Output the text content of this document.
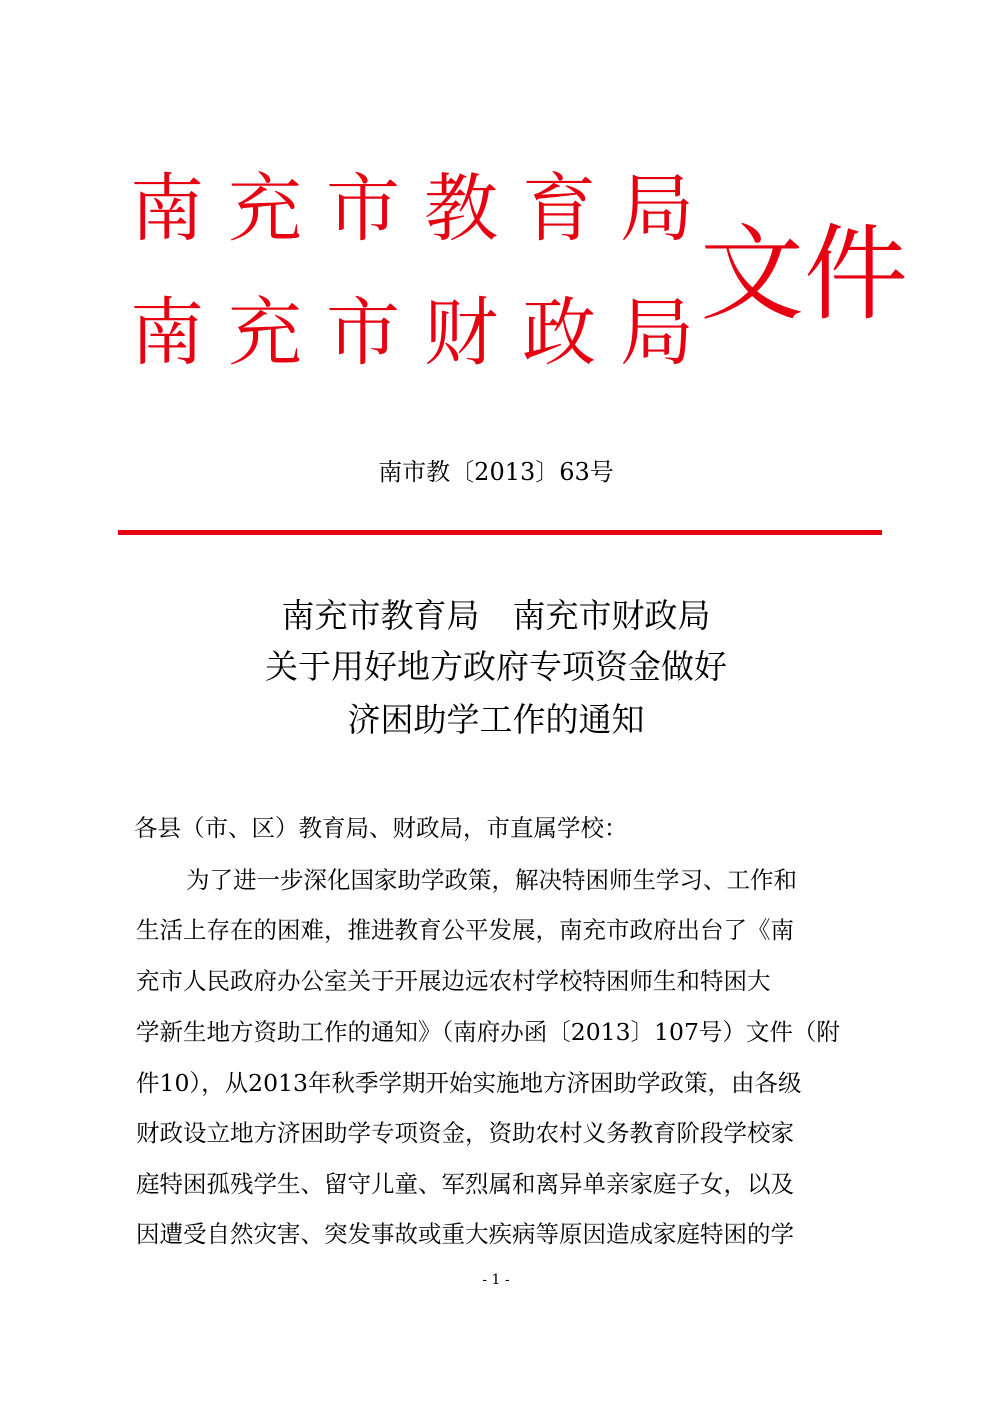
南充市教育局
南充市财政局
文件
南市教〔2013〕63号
南充市教育局　南充市财政局
关于用好地方政府专项资金做好
济困助学工作的通知
各县（市、区）教育局、财政局，市直属学校：
为了进一步深化国家助学政策，解决特困师生学习、工作和
生活上存在的困难，推进教育公平发展，南充市政府出台了《南
充市人民政府办公室关于开展边远农村学校特困师生和特困大
学新生地方资助工作的通知》（南府办函〔2013〕107号）文件（附
件10），从2013年秋季学期开始实施地方济困助学政策，由各级
财政设立地方济困助学专项资金，资助农村义务教育阶段学校家
庭特困孤残学生、留守儿童、军烈属和离异单亲家庭子女，以及
因遭受自然灾害、突发事故或重大疾病等原因造成家庭特困的学
- 1 -
